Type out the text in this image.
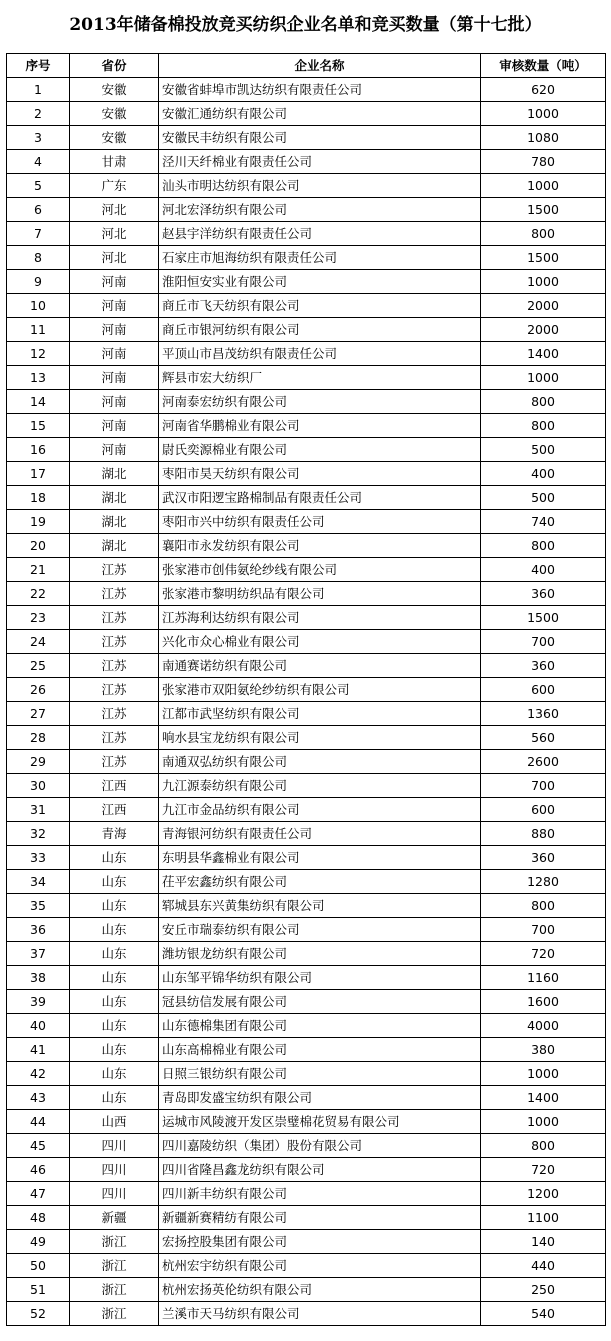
2013年储备棉投放竞买纺织企业名单和竞买数量（第十七批）
序号	省份	企业名称	审核数量（吨）
1	安徽	安徽省蚌埠市凯达纺织有限责任公司	620
2	安徽	安徽汇通纺织有限公司	1000
3	安徽	安徽民丰纺织有限公司	1080
4	甘肃	泾川天纤棉业有限责任公司	780
5	广东	汕头市明达纺织有限公司	1000
6	河北	河北宏泽纺织有限公司	1500
7	河北	赵县宇洋纺织有限责任公司	800
8	河北	石家庄市旭海纺织有限责任公司	1500
9	河南	淮阳恒安实业有限公司	1000
10	河南	商丘市飞天纺织有限公司	2000
11	河南	商丘市银河纺织有限公司	2000
12	河南	平顶山市昌茂纺织有限责任公司	1400
13	河南	辉县市宏大纺织厂	1000
14	河南	河南泰宏纺织有限公司	800
15	河南	河南省华鹏棉业有限公司	800
16	河南	尉氏奕源棉业有限公司	500
17	湖北	枣阳市昊天纺织有限公司	400
18	湖北	武汉市阳逻宝路棉制品有限责任公司	500
19	湖北	枣阳市兴中纺织有限责任公司	740
20	湖北	襄阳市永发纺织有限公司	800
21	江苏	张家港市创伟氨纶纱线有限公司	400
22	江苏	张家港市黎明纺织品有限公司	360
23	江苏	江苏海利达纺织有限公司	1500
24	江苏	兴化市众心棉业有限公司	700
25	江苏	南通赛诺纺织有限公司	360
26	江苏	张家港市双阳氨纶纱纺织有限公司	600
27	江苏	江都市武坚纺织有限公司	1360
28	江苏	响水县宝龙纺织有限公司	560
29	江苏	南通双弘纺织有限公司	2600
30	江西	九江源泰纺织有限公司	700
31	江西	九江市金品纺织有限公司	600
32	青海	青海银河纺织有限责任公司	880
33	山东	东明县华鑫棉业有限公司	360
34	山东	茌平宏鑫纺织有限公司	1280
35	山东	郓城县东兴黄集纺织有限公司	800
36	山东	安丘市瑞泰纺织有限公司	700
37	山东	潍坊银龙纺织有限公司	720
38	山东	山东邹平锦华纺织有限公司	1160
39	山东	冠县纺信发展有限公司	1600
40	山东	山东德棉集团有限公司	4000
41	山东	山东高棉棉业有限公司	380
42	山东	日照三银纺织有限公司	1000
43	山东	青岛即发盛宝纺织有限公司	1400
44	山西	运城市风陵渡开发区崇璧棉花贸易有限公司	1000
45	四川	四川嘉陵纺织（集团）股份有限公司	800
46	四川	四川省隆昌鑫龙纺织有限公司	720
47	四川	四川新丰纺织有限公司	1200
48	新疆	新疆新赛精纺有限公司	1100
49	浙江	宏扬控股集团有限公司	140
50	浙江	杭州宏宇纺织有限公司	440
51	浙江	杭州宏扬英伦纺织有限公司	250
52	浙江	兰溪市天马纺织有限公司	540
